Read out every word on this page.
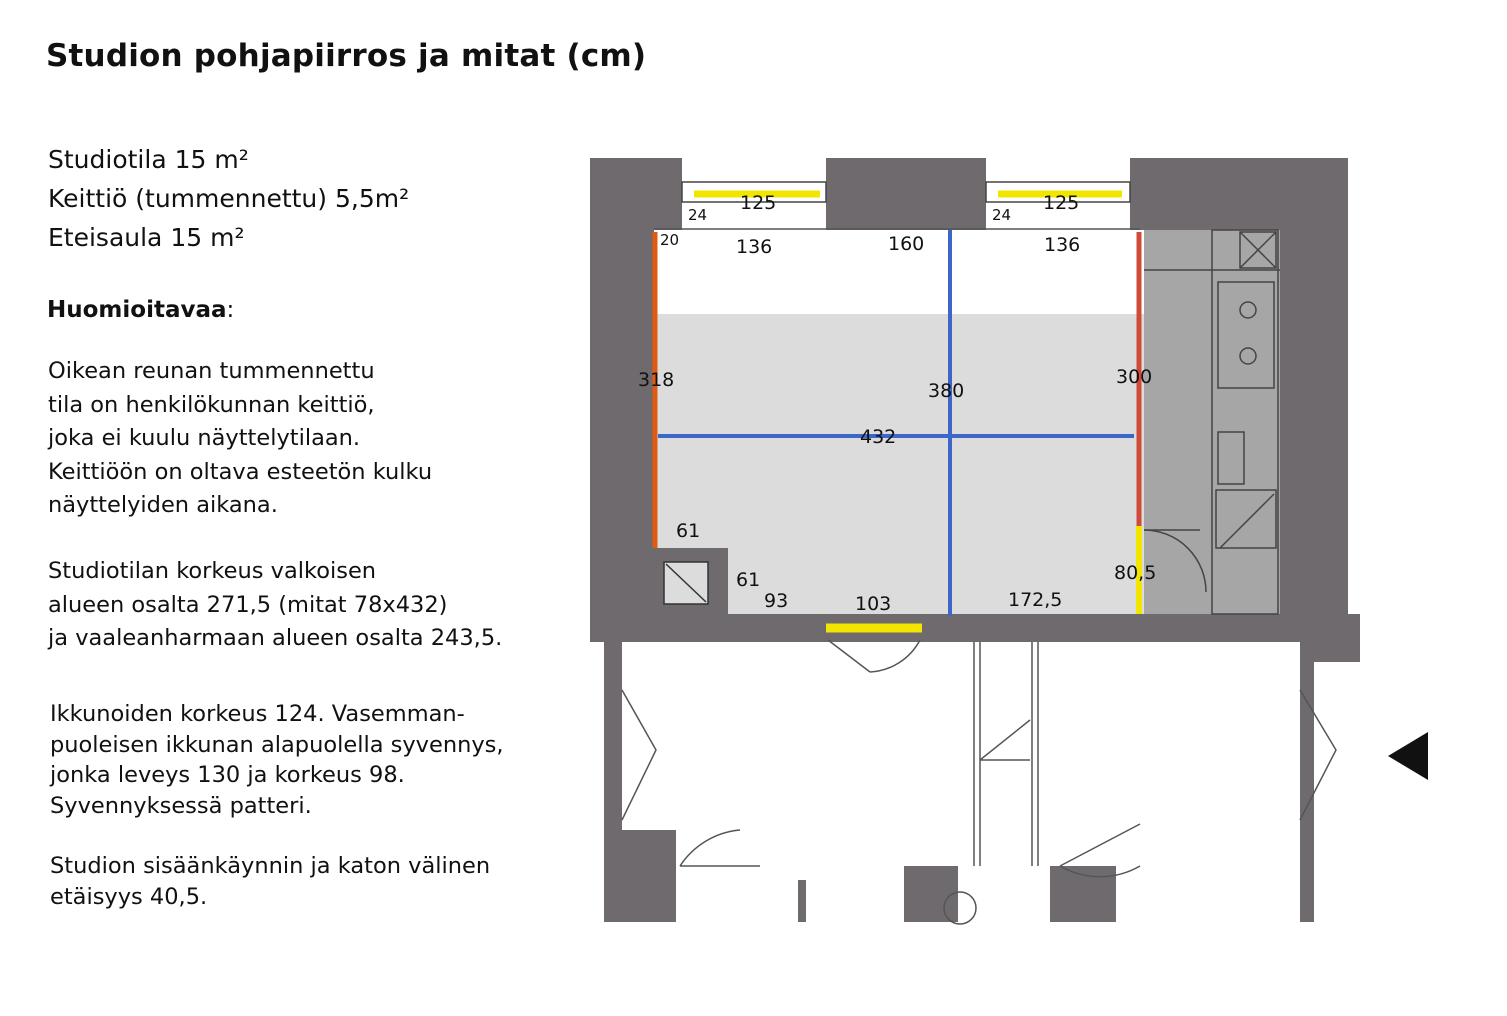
Studion pohjapiirros ja mitat (cm)
Studiotila 15 m²
Keittiö (tummennettu) 5,5m²
Eteisaula 15 m²
Huomioitavaa:

Oikean reunan tummennettu
tila on henkilökunnan keittiö,
joka ei kuulu näyttelytilaan.
Keittiöön on oltava esteetön kulku
näyttelyiden aikana.

Studiotilan korkeus valkoisen
alueen osalta 271,5 (mitat 78x432)
ja vaaleanharmaan alueen osalta 243,5.

Ikkunoiden korkeus 124. Vasemman-
puoleisen ikkunan alapuolella syvennys,
jonka leveys 130 ja korkeus 98.
Syvennyksessä patteri.

Studion sisäänkäynnin ja katon välinen
etäisyys 40,5.

125	125
24	24
20	136	160	136
318	380
300
432
61
61
93	103	172,5
80,5
